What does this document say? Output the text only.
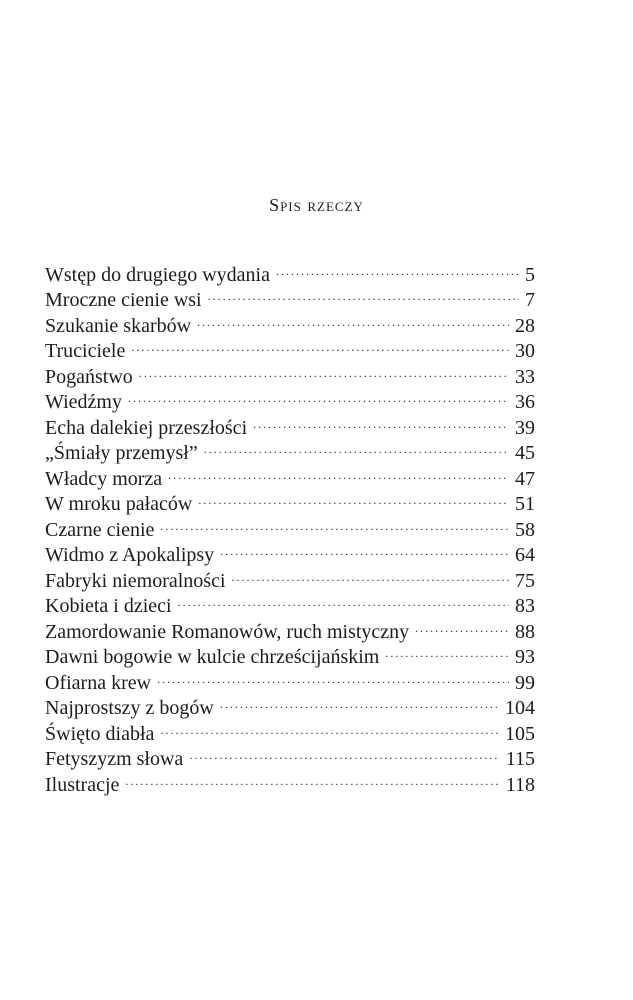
Spis rzeczy
Wstęp do drugiego wydania . . .	5
Mroczne cienie wsi . . .	7
Szukanie skarbów . . .	28
Truciciele . . .	30
Pogaństwo . . .	33
Wiedźmy . . .	36
Echa dalekiej przeszłości . . .	39
„Śmiały przemysł” . . .	45
Władcy morza . . .	47
W mroku pałaców . . .	51
Czarne cienie . . .	58
Widmo z Apokalipsy . . .	64
Fabryki niemoralności . . .	75
Kobieta i dzieci . . .	83
Zamordowanie Romanowów, ruch mistyczny . . .	88
Dawni bogowie w kulcie chrześcijańskim . . .	93
Ofiarna krew . . .	99
Najprostszy z bogów . . .	104
Święto diabła . . .	105
Fetyszyzm słowa . . .	115
Ilustracje . . .	118
